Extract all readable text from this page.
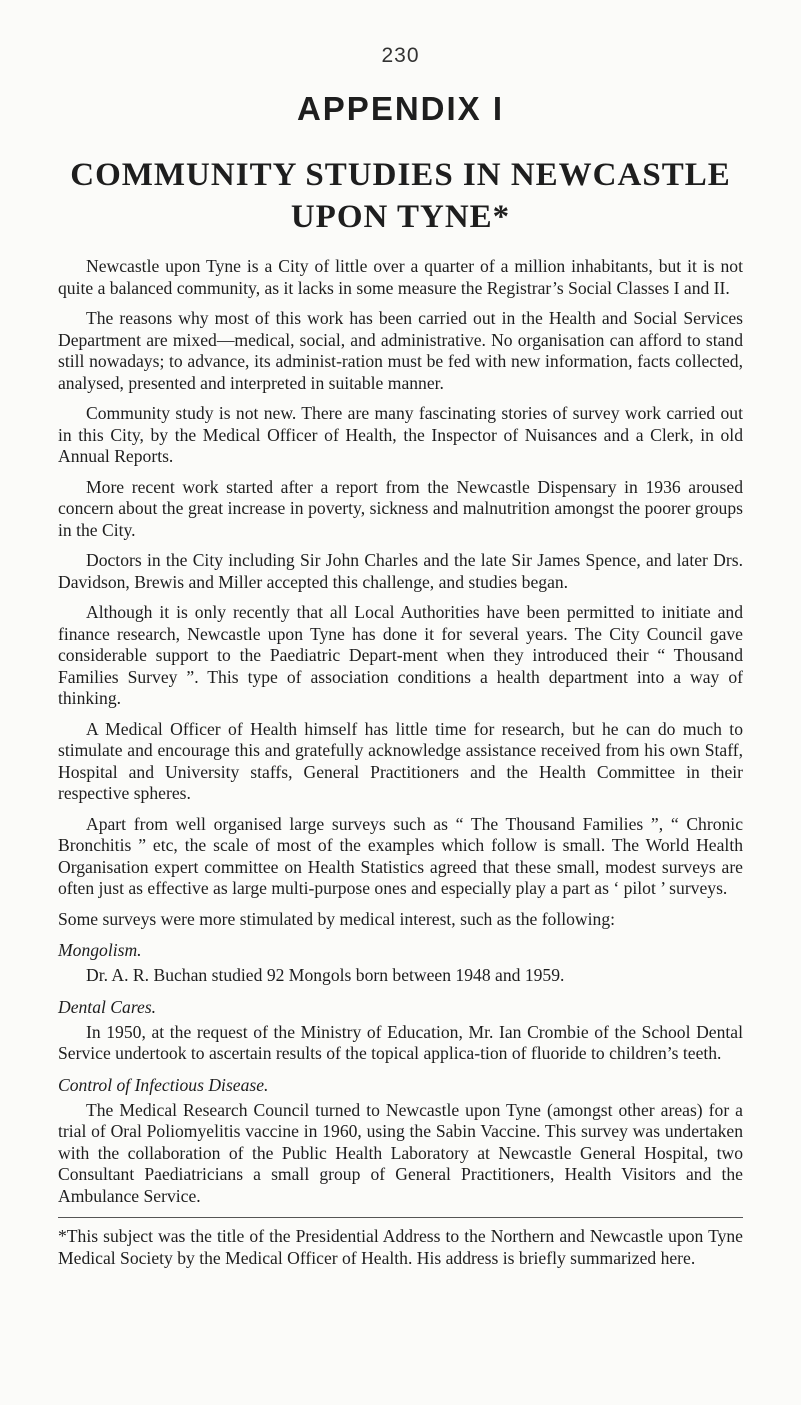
230
APPENDIX I
COMMUNITY STUDIES IN NEWCASTLE
UPON TYNE*

Newcastle upon Tyne is a City of little over a quarter of a million inhabitants, but it is not quite a balanced community, as it lacks in some measure the Registrar’s Social Classes I and II.

The reasons why most of this work has been carried out in the Health and Social Services Department are mixed—medical, social, and administrative. No organisation can afford to stand still nowadays; to advance, its administ-ration must be fed with new information, facts collected, analysed, presented and interpreted in suitable manner.

Community study is not new. There are many fascinating stories of survey work carried out in this City, by the Medical Officer of Health, the Inspector of Nuisances and a Clerk, in old Annual Reports.

More recent work started after a report from the Newcastle Dispensary in 1936 aroused concern about the great increase in poverty, sickness and malnutrition amongst the poorer groups in the City.

Doctors in the City including Sir John Charles and the late Sir James Spence, and later Drs. Davidson, Brewis and Miller accepted this challenge, and studies began.

Although it is only recently that all Local Authorities have been permitted to initiate and finance research, Newcastle upon Tyne has done it for several years. The City Council gave considerable support to the Paediatric Depart-ment when they introduced their “ Thousand Families Survey ”. This type of association conditions a health department into a way of thinking.

A Medical Officer of Health himself has little time for research, but he can do much to stimulate and encourage this and gratefully acknowledge assistance received from his own Staff, Hospital and University staffs, General Practitioners and the Health Committee in their respective spheres.

Apart from well organised large surveys such as “ The Thousand Families ”, “ Chronic Bronchitis ” etc, the scale of most of the examples which follow is small. The World Health Organisation expert committee on Health Statistics agreed that these small, modest surveys are often just as effective as large multi-purpose ones and especially play a part as ‘ pilot ’ surveys.

Some surveys were more stimulated by medical interest, such as the following:

Mongolism.

Dr. A. R. Buchan studied 92 Mongols born between 1948 and 1959.

Dental Cares.

In 1950, at the request of the Ministry of Education, Mr. Ian Crombie of the School Dental Service undertook to ascertain results of the topical applica-tion of fluoride to children’s teeth.

Control of Infectious Disease.

The Medical Research Council turned to Newcastle upon Tyne (amongst other areas) for a trial of Oral Poliomyelitis vaccine in 1960, using the Sabin Vaccine. This survey was undertaken with the collaboration of the Public Health Laboratory at Newcastle General Hospital, two Consultant Paediatricians a small group of General Practitioners, Health Visitors and the Ambulance Service.

*This subject was the title of the Presidential Address to the Northern and Newcastle upon Tyne Medical Society by the Medical Officer of Health. His address is briefly summarized here.
